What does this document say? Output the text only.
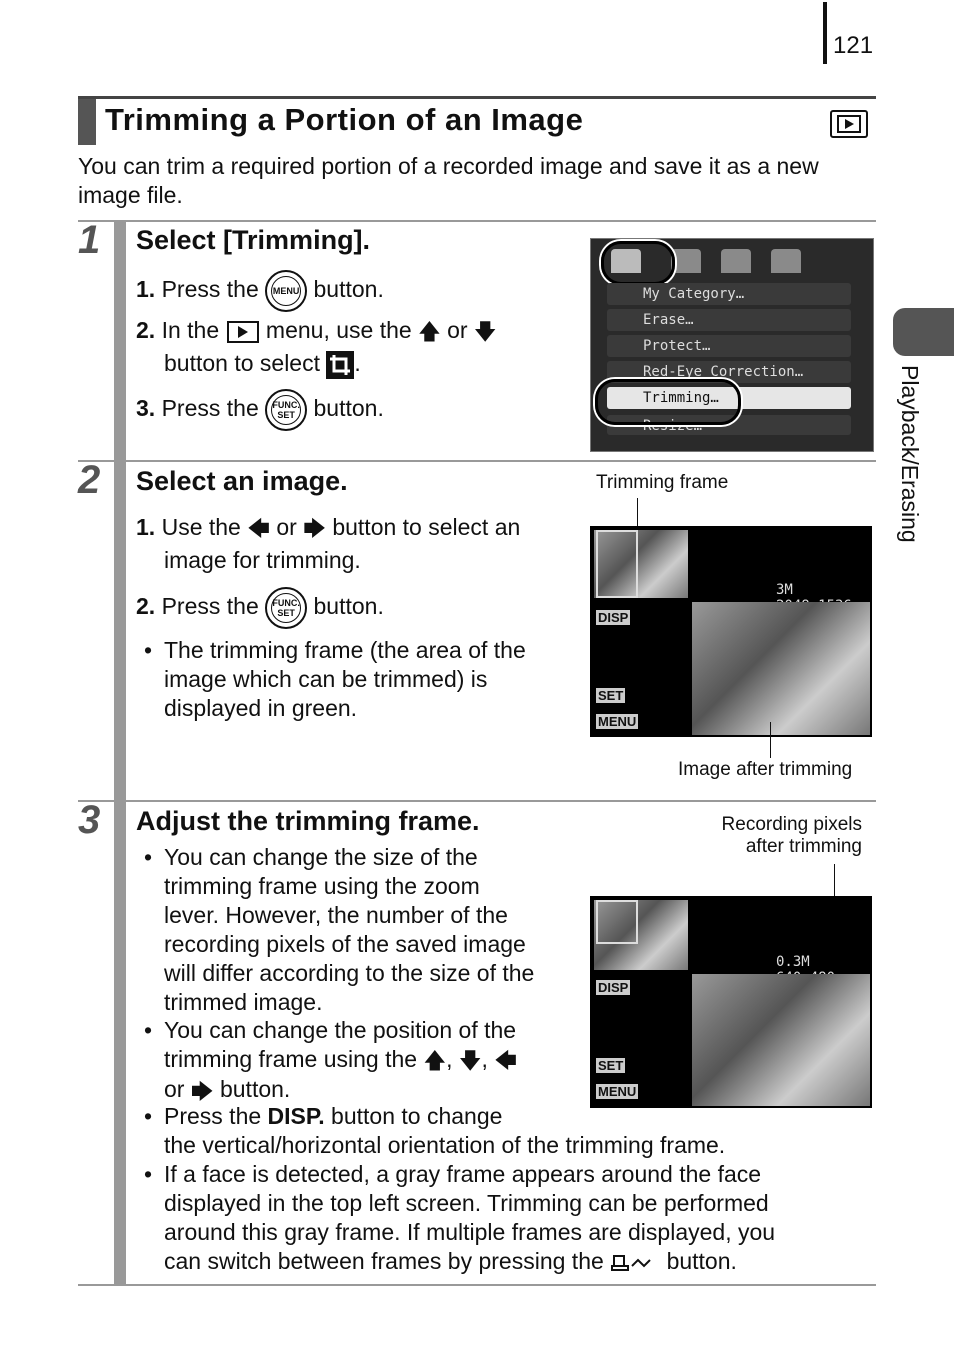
121
Trimming a Portion of an Image
You can trim a required portion of a recorded image and save it as a new image file.
Playback/Erasing
1 Select [Trimming].
1. Press the	MENU button.
2. In the menu, use the 🡅 or 🡇
button to select .
3. Press the	FUNC. SET button.
My Category…
Erase…
Protect…
Red-Eye Correction…
Trimming…
Resize…
2 Select an image.
1. Use the 🡄 or 🡆 button to select an
image for trimming.
2. Press the	FUNC. SET button.
• The trimming frame (the area of the
image which can be trimmed) is
displayed in green.
Trimming frame
3M
DISP
SET
MENU
Image after trimming
3 Adjust the trimming frame.
• You can change the size of the
trimming frame using the zoom
lever. However, the number of the
recording pixels of the saved image
will differ according to the size of the
trimmed image.
• You can change the position of the
trimming frame using the 🡅, 🡇, 🡄
or 🡆 button.
• Press the DISP. button to change
the vertical/horizontal orientation of the trimming frame.
• If a face is detected, a gray frame appears around the face
displayed in the top left screen. Trimming can be performed
around this gray frame. If multiple frames are displayed, you
can switch between frames by pressing the	button.
Recording pixels
after trimming
0.3M
DISP
SET
MENU
